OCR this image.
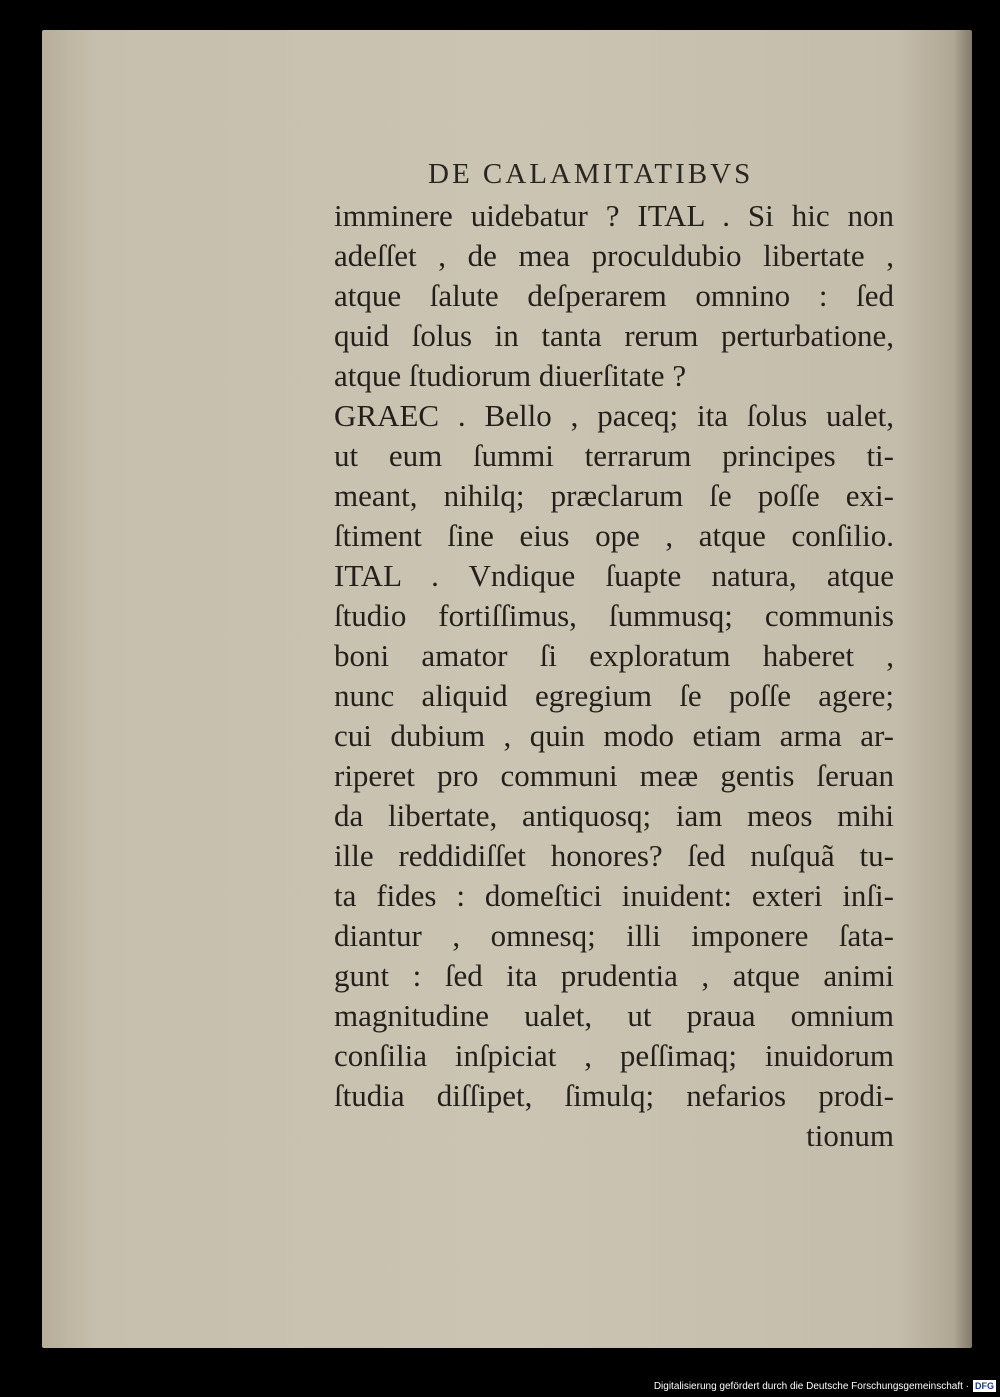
DE CALAMITATIBVS
imminere uidebatur ? ITAL . Si hic non
adeſſet , de mea proculdubio libertate ,
atque ſalute deſperarem omnino : ſed
quid ſolus in tanta rerum perturbatione,
atque ſtudiorum diuerſitate ?
GRAEC . Bello , paceq; ita ſolus ualet,
ut eum ſummi terrarum principes ti-
meant, nihilq; præclarum ſe poſſe exi-
ſtiment ſine eius ope , atque conſilio.
ITAL . Vndique ſuapte natura, atque
ſtudio fortiſſimus, ſummusq; communis
boni amator ſi exploratum haberet ,
nunc aliquid egregium ſe poſſe agere;
cui dubium , quin modo etiam arma ar-
riperet pro communi meæ gentis ſeruan
da libertate, antiquosq; iam meos mihi
ille reddidiſſet honores? ſed nuſquã tu-
ta fides : domeſtici inuident: exteri inſi-
diantur , omnesq; illi imponere ſata-
gunt : ſed ita prudentia , atque animi
magnitudine ualet, ut praua omnium
conſilia inſpiciat , peſſimaq; inuidorum
ſtudia diſſipet, ſimulq; nefarios prodi-
tionum
Digitalisierung gefördert durch die Deutsche Forschungsgemeinschaft · DFG
